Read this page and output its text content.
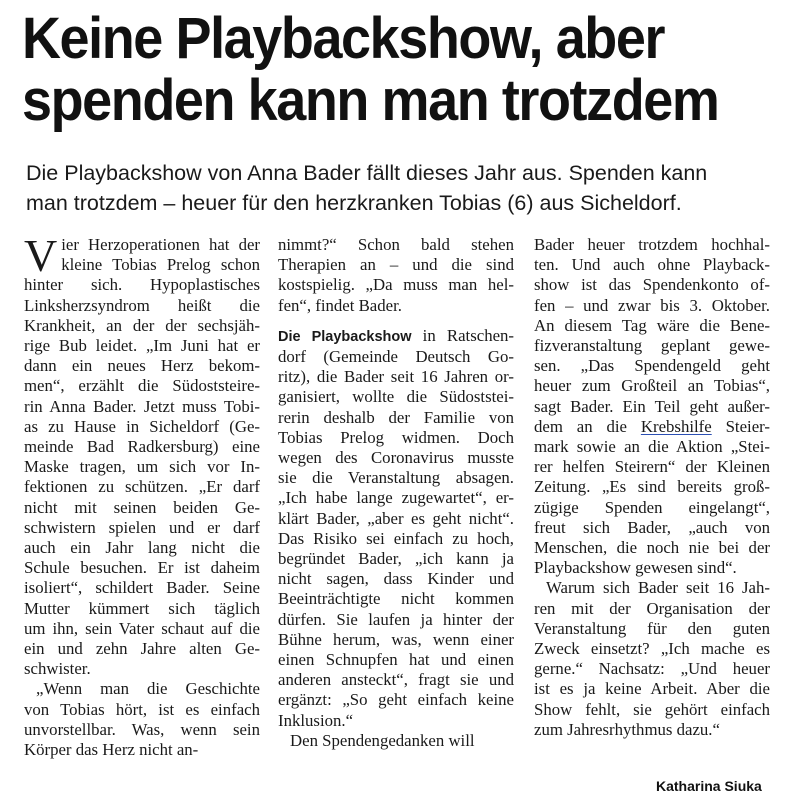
Keine Playbackshow, aber
spenden kann man trotzdem

Die Playbackshow von Anna Bader fällt dieses Jahr aus. Spenden kann
man trotzdem – heuer für den herzkranken Tobias (6) aus Sicheldorf.

V ier Herzoperationen hat der
kleine Tobias Prelog schon
hinter sich. Hypoplastisches
Linksherzsyndrom heißt die
Krankheit, an der der sechsjäh-
rige Bub leidet. „Im Juni hat er
dann ein neues Herz bekom-
men“, erzählt die Südoststeire-
rin Anna Bader. Jetzt muss Tobi-
as zu Hause in Sicheldorf (Ge-
meinde Bad Radkersburg) eine
Maske tragen, um sich vor In-
fektionen zu schützen. „Er darf
nicht mit seinen beiden Ge-
schwistern spielen und er darf
auch ein Jahr lang nicht die
Schule besuchen. Er ist daheim
isoliert“, schildert Bader. Seine
Mutter kümmert sich täglich
um ihn, sein Vater schaut auf die
ein und zehn Jahre alten Ge-
schwister.
„Wenn man die Geschichte
von Tobias hört, ist es einfach
unvorstellbar. Was, wenn sein
Körper das Herz nicht an-
nimmt?“ Schon bald stehen
Therapien an – und die sind
kostspielig. „Da muss man hel-
fen“, findet Bader.
Die Playbackshow in Ratschen-
dorf (Gemeinde Deutsch Go-
ritz), die Bader seit 16 Jahren or-
ganisiert, wollte die Südoststei-
rerin deshalb der Familie von
Tobias Prelog widmen. Doch
wegen des Coronavirus musste
sie die Veranstaltung absagen.
„Ich habe lange zugewartet“, er-
klärt Bader, „aber es geht nicht“.
Das Risiko sei einfach zu hoch,
begründet Bader, „ich kann ja
nicht sagen, dass Kinder und
Beeinträchtigte nicht kommen
dürfen. Sie laufen ja hinter der
Bühne herum, was, wenn einer
einen Schnupfen hat und einen
anderen ansteckt“, fragt sie und
ergänzt: „So geht einfach keine
Inklusion.“
Den Spendengedanken will
Bader heuer trotzdem hochhal-
ten. Und auch ohne Playback-
show ist das Spendenkonto of-
fen – und zwar bis 3. Oktober.
An diesem Tag wäre die Bene-
fizveranstaltung geplant gewe-
sen. „Das Spendengeld geht
heuer zum Großteil an Tobias“,
sagt Bader. Ein Teil geht außer-
dem an die Krebshilfe Steier-
mark sowie an die Aktion „Stei-
rer helfen Steirern“ der Kleinen
Zeitung. „Es sind bereits groß-
zügige Spenden eingelangt“,
freut sich Bader, „auch von
Menschen, die noch nie bei der
Playbackshow gewesen sind“.
Warum sich Bader seit 16 Jah-
ren mit der Organisation der
Veranstaltung für den guten
Zweck einsetzt? „Ich mache es
gerne.“ Nachsatz: „Und heuer
ist es ja keine Arbeit. Aber die
Show fehlt, sie gehört einfach
zum Jahresrhythmus dazu.“
Katharina Siuka
